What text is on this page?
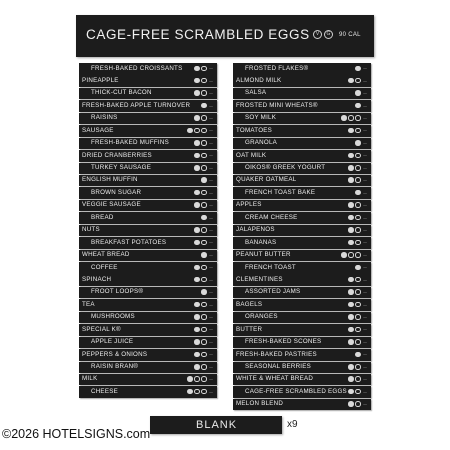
CAGE-FREE SCRAMBLED EGGS	V	G	90 CAL
FRESH-BAKED CROISSANTS	—
PINEAPPLE	—
THICK-CUT BACON	—
FRESH-BAKED APPLE TURNOVER	—
RAISINS	—
SAUSAGE	—
FRESH-BAKED MUFFINS	—
DRIED CRANBERRIES	—
TURKEY SAUSAGE	—
ENGLISH MUFFIN	—
BROWN SUGAR	—
VEGGIE SAUSAGE	—
BREAD	—
NUTS	—
BREAKFAST POTATOES	—
WHEAT BREAD	—
COFFEE	—
SPINACH	—
FROOT LOOPS®	—
TEA	—
MUSHROOMS	—
SPECIAL K®	—
APPLE JUICE	—
PEPPERS & ONIONS	—
RAISIN BRAN®	—
MILK	—
CHEESE	—
FROSTED FLAKES®	—
ALMOND MILK	—
SALSA	—
FROSTED MINI WHEATS®	—
SOY MILK	—
TOMATOES	—
GRANOLA	—
OAT MILK	—
OIKOS® GREEK YOGURT	—
QUAKER OATMEAL	—
FRENCH TOAST BAKE	—
APPLES	—
CREAM CHEESE	—
JALAPENOS	—
BANANAS	—
PEANUT BUTTER	—
FRENCH TOAST	—
CLEMENTINES	—
ASSORTED JAMS	—
BAGELS	—
ORANGES	—
BUTTER	—
FRESH-BAKED SCONES	—
FRESH-BAKED PASTRIES	—
SEASONAL BERRIES	—
WHITE & WHEAT BREAD	—
CAGE-FREE SCRAMBLED EGGS	—
MELON BLEND	—
BLANK	x9
©2026 HOTELSIGNS.com
